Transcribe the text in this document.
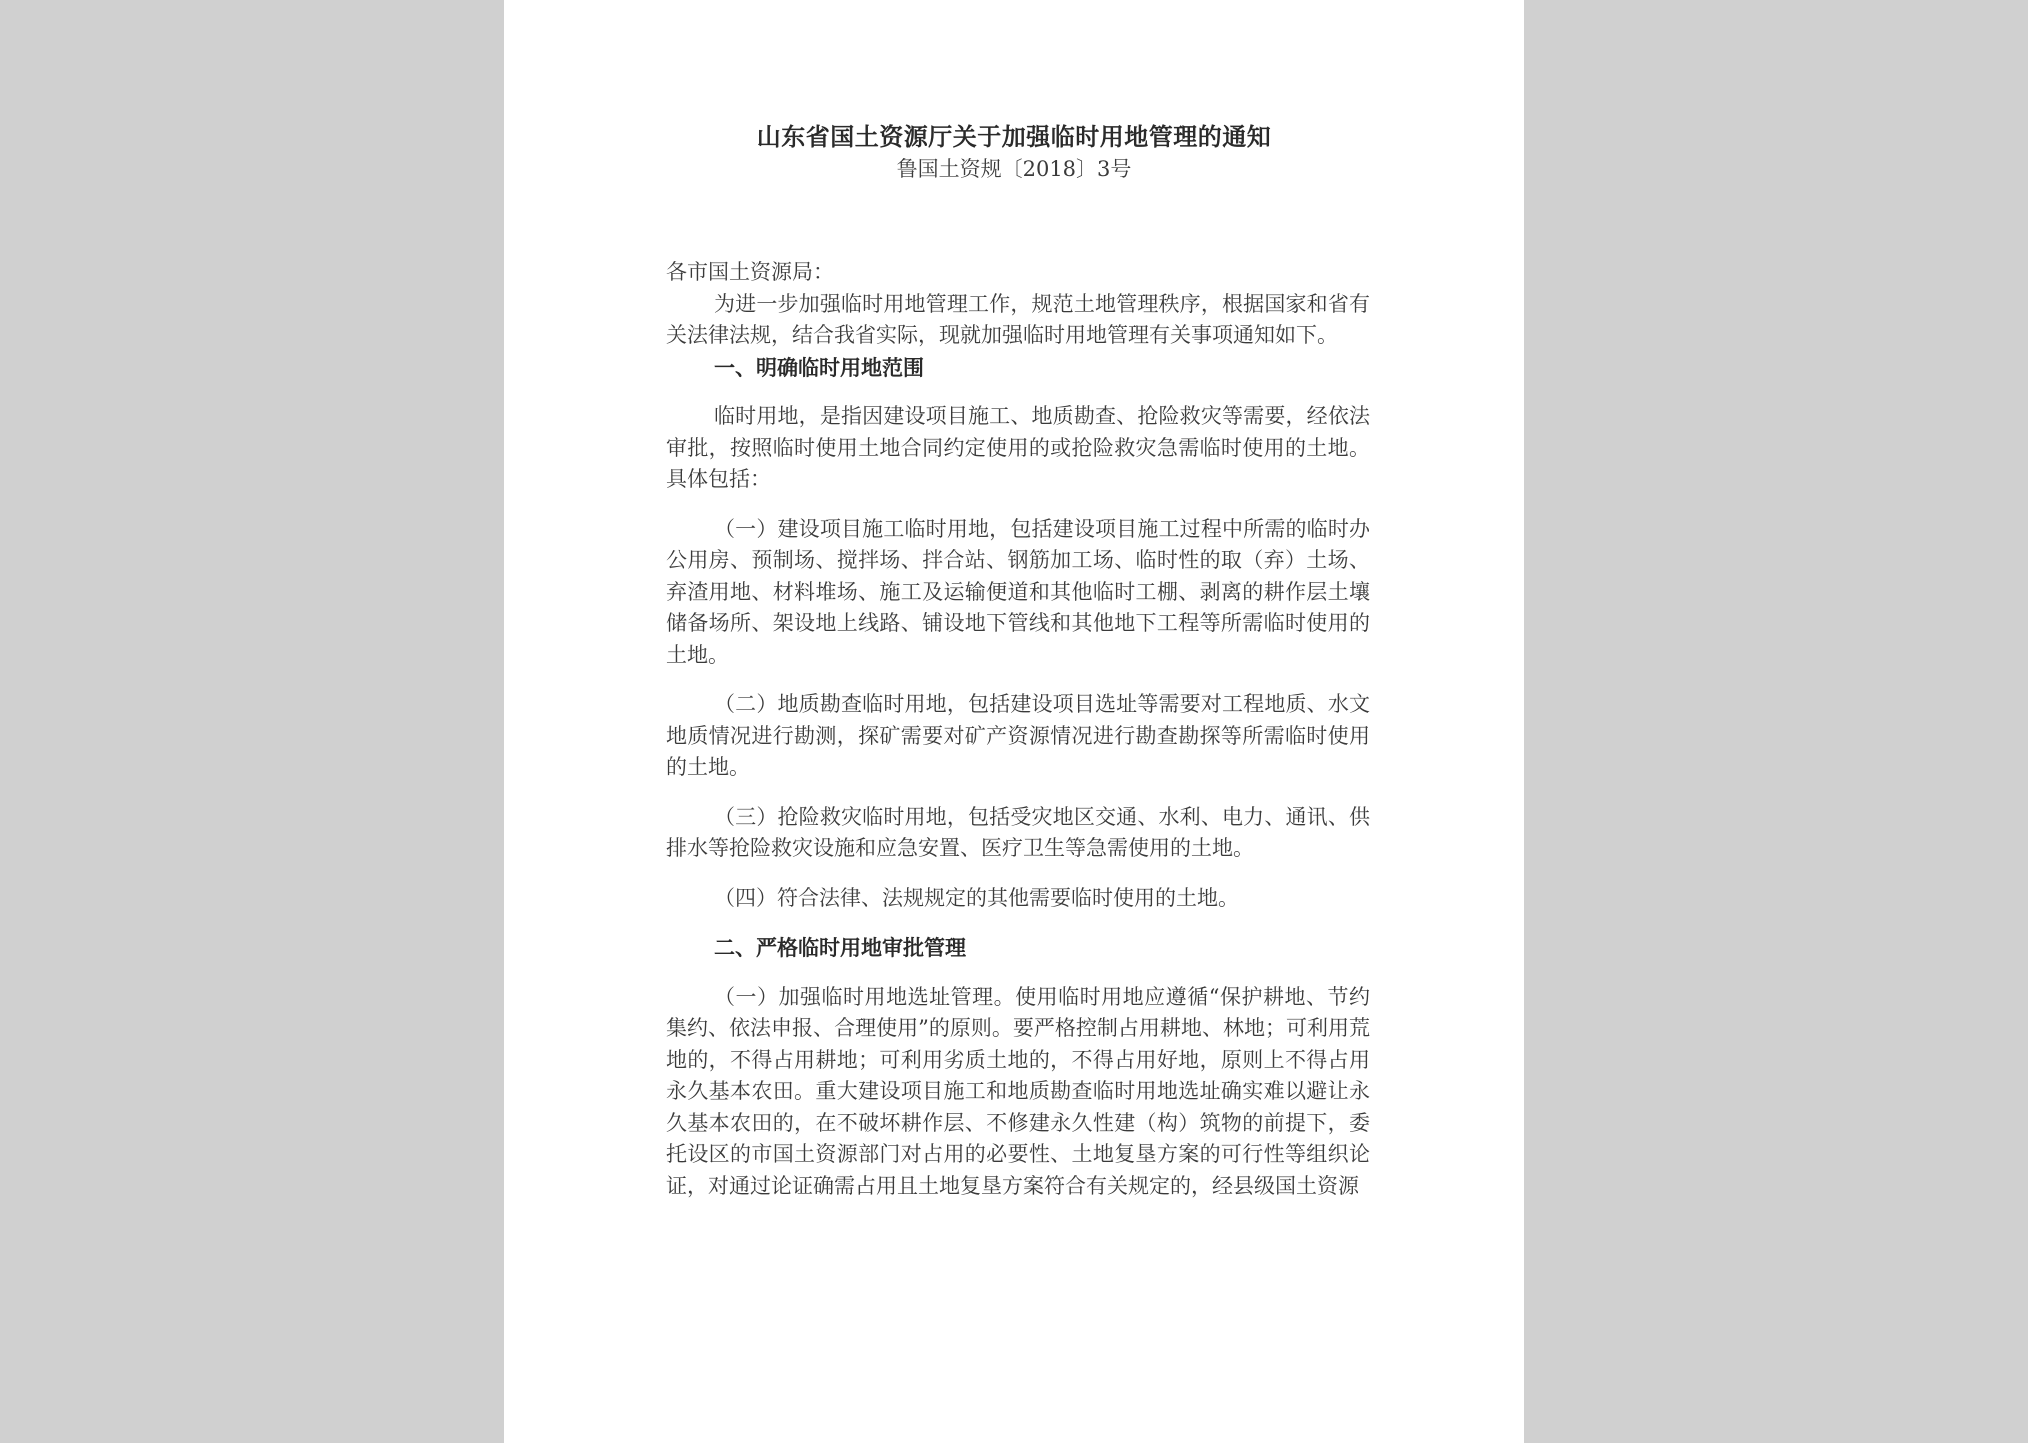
山东省国土资源厅关于加强临时用地管理的通知
鲁国土资规〔2018〕3号

各市国土资源局：

为进一步加强临时用地管理工作，规范土地管理秩序，根据国家和省有关法律法规，结合我省实际，现就加强临时用地管理有关事项通知如下。

一、明确临时用地范围

临时用地，是指因建设项目施工、地质勘查、抢险救灾等需要，经依法审批，按照临时使用土地合同约定使用的或抢险救灾急需临时使用的土地。具体包括：

（一）建设项目施工临时用地，包括建设项目施工过程中所需的临时办公用房、预制场、搅拌场、拌合站、钢筋加工场、临时性的取（弃）土场、弃渣用地、材料堆场、施工及运输便道和其他临时工棚、剥离的耕作层土壤储备场所、架设地上线路、铺设地下管线和其他地下工程等所需临时使用的土地。

（二）地质勘查临时用地，包括建设项目选址等需要对工程地质、水文地质情况进行勘测，探矿需要对矿产资源情况进行勘查勘探等所需临时使用的土地。

（三）抢险救灾临时用地，包括受灾地区交通、水利、电力、通讯、供排水等抢险救灾设施和应急安置、医疗卫生等急需使用的土地。

（四）符合法律、法规规定的其他需要临时使用的土地。

二、严格临时用地审批管理

（一）加强临时用地选址管理。使用临时用地应遵循“保护耕地、节约集约、依法申报、合理使用”的原则。要严格控制占用耕地、林地；可利用荒地的，不得占用耕地；可利用劣质土地的，不得占用好地，原则上不得占用永久基本农田。重大建设项目施工和地质勘查临时用地选址确实难以避让永久基本农田的，在不破坏耕作层、不修建永久性建（构）筑物的前提下，委托设区的市国土资源部门对占用的必要性、土地复垦方案的可行性等组织论证，对通过论证确需占用且土地复垦方案符合有关规定的，经县级国土资源
